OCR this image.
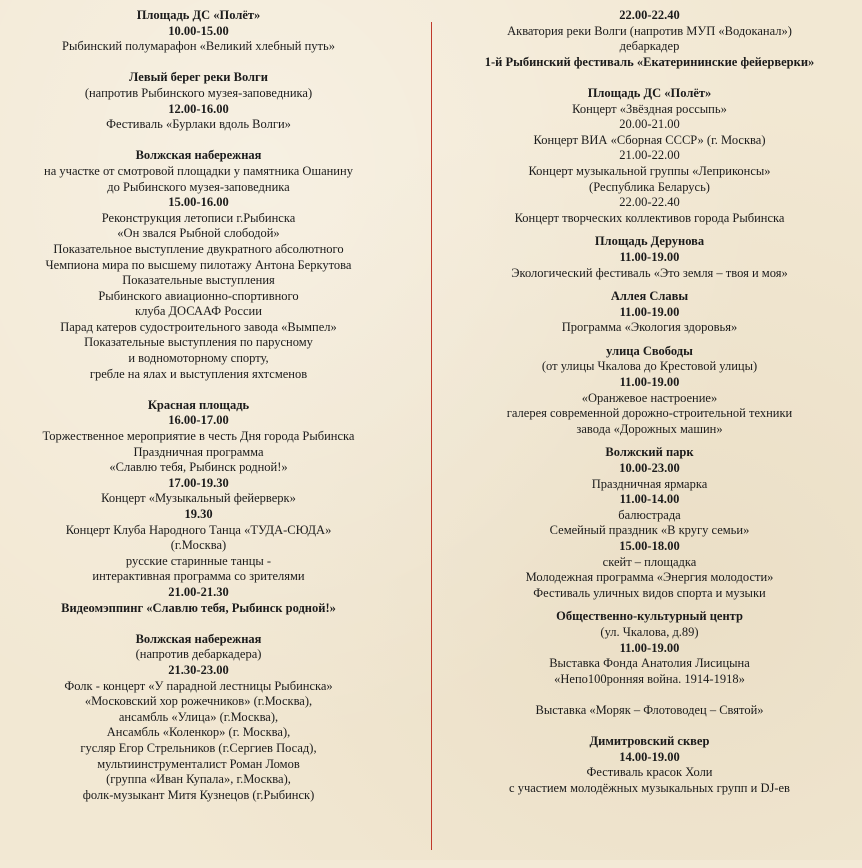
Площадь ДС «Полёт»
10.00-15.00
Рыбинский полумарафон «Великий хлебный путь»
Левый берег реки Волги
(напротив Рыбинского музея-заповедника)
12.00-16.00
Фестиваль «Бурлаки вдоль Волги»
Волжская набережная
на участке от смотровой площадки у памятника Ошанину
до Рыбинского музея-заповедника
15.00-16.00
Реконструкция летописи г.Рыбинска
«Он звался Рыбной слободой»
Показательное выступление двукратного абсолютного
Чемпиона мира по высшему пилотажу Антона Беркутова
Показательные выступления
Рыбинского авиационно-спортивного
клуба ДОСААФ России
Парад катеров судостроительного завода «Вымпел»
Показательные выступления по парусному
и водномоторному спорту,
гребле на ялах и выступления яхтсменов
Красная площадь
16.00-17.00
Торжественное мероприятие в честь Дня города Рыбинска
Праздничная программа
«Славлю тебя, Рыбинск родной!»
17.00-19.30
Концерт «Музыкальный фейерверк»
19.30
Концерт Клуба Народного Танца «ТУДА-СЮДА»
(г.Москва)
русские старинные танцы -
интерактивная программа со зрителями
21.00-21.30
Видеомэппинг «Славлю тебя, Рыбинск родной!»
Волжская набережная
(напротив дебаркадера)
21.30-23.00
Фолк - концерт «У парадной лестницы Рыбинска»
«Московский хор рожечников» (г.Москва),
ансамбль «Улица» (г.Москва),
Ансамбль «Коленкор» (г. Москва),
гусляр Егор Стрельников (г.Сергиев Посад),
мультиинструменталист Роман Ломов
(группа «Иван Купала», г.Москва),
фолк-музыкант Митя Кузнецов (г.Рыбинск)
22.00-22.40
Акватория реки Волги (напротив МУП «Водоканал»)
дебаркадер
1-й Рыбинский фестиваль «Екатерининские фейерверки»
Площадь ДС «Полёт»
Концерт «Звёздная россыпь»
20.00-21.00
Концерт ВИА «Сборная СССР» (г. Москва)
21.00-22.00
Концерт музыкальной группы «Леприконсы»
(Республика Беларусь)
22.00-22.40
Концерт творческих коллективов города Рыбинска
Площадь Дерунова
11.00-19.00
Экологический фестиваль «Это земля – твоя и моя»
Аллея Славы
11.00-19.00
Программа «Экология здоровья»
улица Свободы
(от улицы Чкалова до Крестовой улицы)
11.00-19.00
«Оранжевое настроение»
галерея современной дорожно-строительной техники
завода «Дорожных машин»
Волжский парк
10.00-23.00
Праздничная ярмарка
11.00-14.00
балюстрада
Семейный праздник «В кругу семьи»
15.00-18.00
скейт – площадка
Молодежная программа «Энергия молодости»
Фестиваль уличных видов спорта и музыки
Общественно-культурный центр
(ул. Чкалова, д.89)
11.00-19.00
Выставка Фонда Анатолия Лисицына
«Непо100ронняя война. 1914-1918»
Выставка «Моряк – Флотоводец – Святой»
Димитровский сквер
14.00-19.00
Фестиваль красок Холи
с участием молодёжных музыкальных групп и DJ-ев
